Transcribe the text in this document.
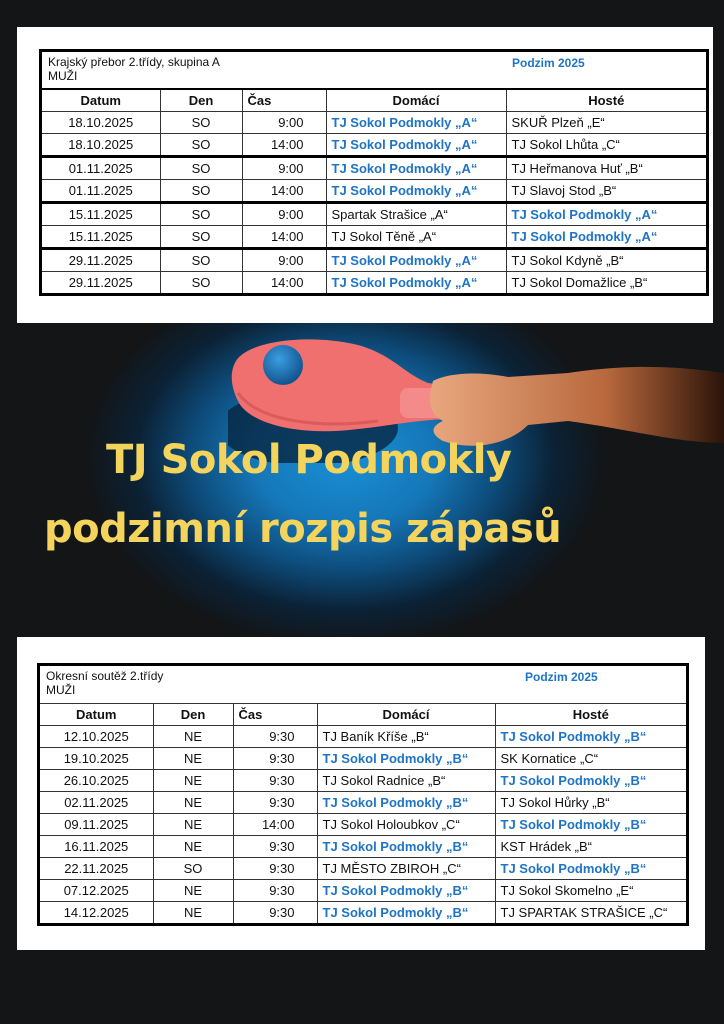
Krajský přebor 2.třídy, skupina A
MUŽI
Podzim 2025
Datum	Den	Čas	Domácí	Hosté
18.10.2025	SO	9:00	TJ Sokol Podmokly „A“	SKUŘ Plzeň „E“
18.10.2025	SO	14:00	TJ Sokol Podmokly „A“	TJ Sokol Lhůta „C“
01.11.2025	SO	9:00	TJ Sokol Podmokly „A“	TJ Heřmanova Huť „B“
01.11.2025	SO	14:00	TJ Sokol Podmokly „A“	TJ Slavoj Stod „B“
15.11.2025	SO	9:00	Spartak Strašice „A“	TJ Sokol Podmokly „A“
15.11.2025	SO	14:00	TJ Sokol Těně „A“	TJ Sokol Podmokly „A“
29.11.2025	SO	9:00	TJ Sokol Podmokly „A“	TJ Sokol Kdyně „B“
29.11.2025	SO	14:00	TJ Sokol Podmokly „A“	TJ Sokol Domažlice „B“
TJ Sokol Podmokly
podzimní rozpis zápasů
Okresní soutěž 2.třídy
MUŽI
Podzim 2025
Datum	Den	Čas	Domácí	Hosté
12.10.2025	NE	9:30	TJ Baník Kříše „B“	TJ Sokol Podmokly „B“
19.10.2025	NE	9:30	TJ Sokol Podmokly „B“	SK Kornatice „C“
26.10.2025	NE	9:30	TJ Sokol Radnice „B“	TJ Sokol Podmokly „B“
02.11.2025	NE	9:30	TJ Sokol Podmokly „B“	TJ Sokol Hůrky „B“
09.11.2025	NE	14:00	TJ Sokol Holoubkov „C“	TJ Sokol Podmokly „B“
16.11.2025	NE	9:30	TJ Sokol Podmokly „B“	KST Hrádek „B“
22.11.2025	SO	9:30	TJ MĚSTO ZBIROH „C“	TJ Sokol Podmokly „B“
07.12.2025	NE	9:30	TJ Sokol Podmokly „B“	TJ Sokol Skomelno „E“
14.12.2025	NE	9:30	TJ Sokol Podmokly „B“	TJ SPARTAK STRAŠICE „C“
